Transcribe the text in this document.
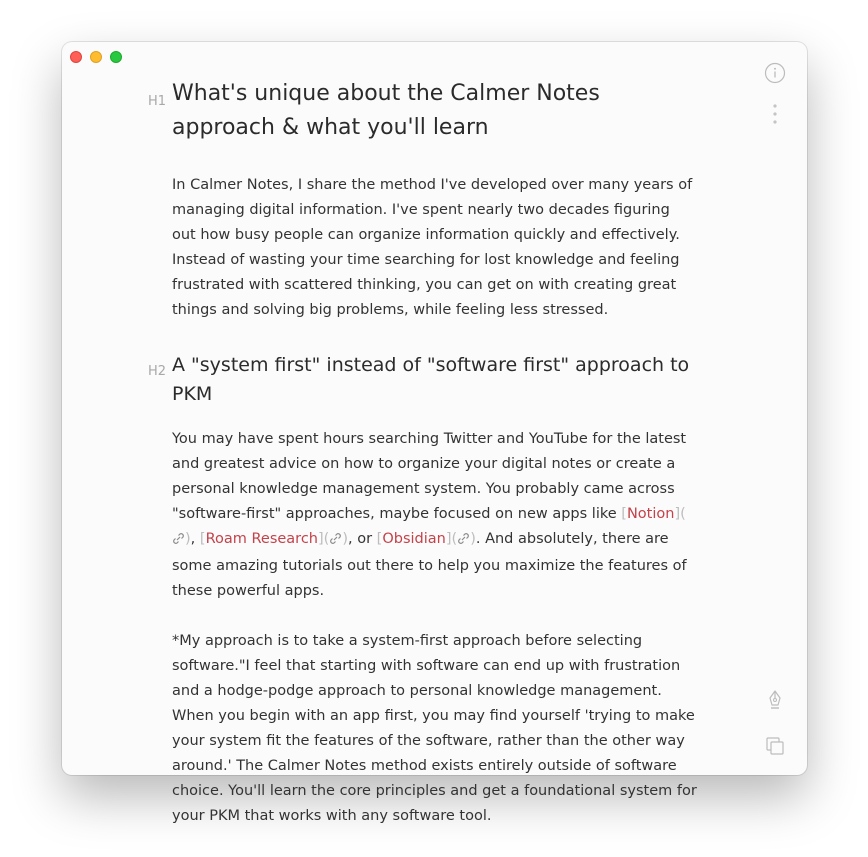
H1 What's unique about the Calmer Notes approach & what you'll learn

In Calmer Notes, I share the method I've developed over many years of managing digital information. I've spent nearly two decades figuring out how busy people can organize information quickly and effectively. Instead of wasting your time searching for lost knowledge and feeling frustrated with scattered thinking, you can get on with creating great things and solving big problems, while feeling less stressed.

H2 A "system first" instead of "software first" approach to PKM

You may have spent hours searching Twitter and YouTube for the latest and greatest advice on how to organize your digital notes or create a personal knowledge management system. You probably came across "software-first" approaches, maybe focused on new apps like [Notion](), [Roam Research]( ), or [Obsidian]( ). And absolutely, there are some amazing tutorials out there to help you maximize the features of these powerful apps.

*My approach is to take a system-first approach before selecting software."I feel that starting with software can end up with frustration and a hodge-podge approach to personal knowledge management. When you begin with an app first, you may find yourself 'trying to make your system fit the features of the software, rather than the other way around.' The Calmer Notes method exists entirely outside of software choice. You'll learn the core principles and get a foundational system for your PKM that works with any software tool.
